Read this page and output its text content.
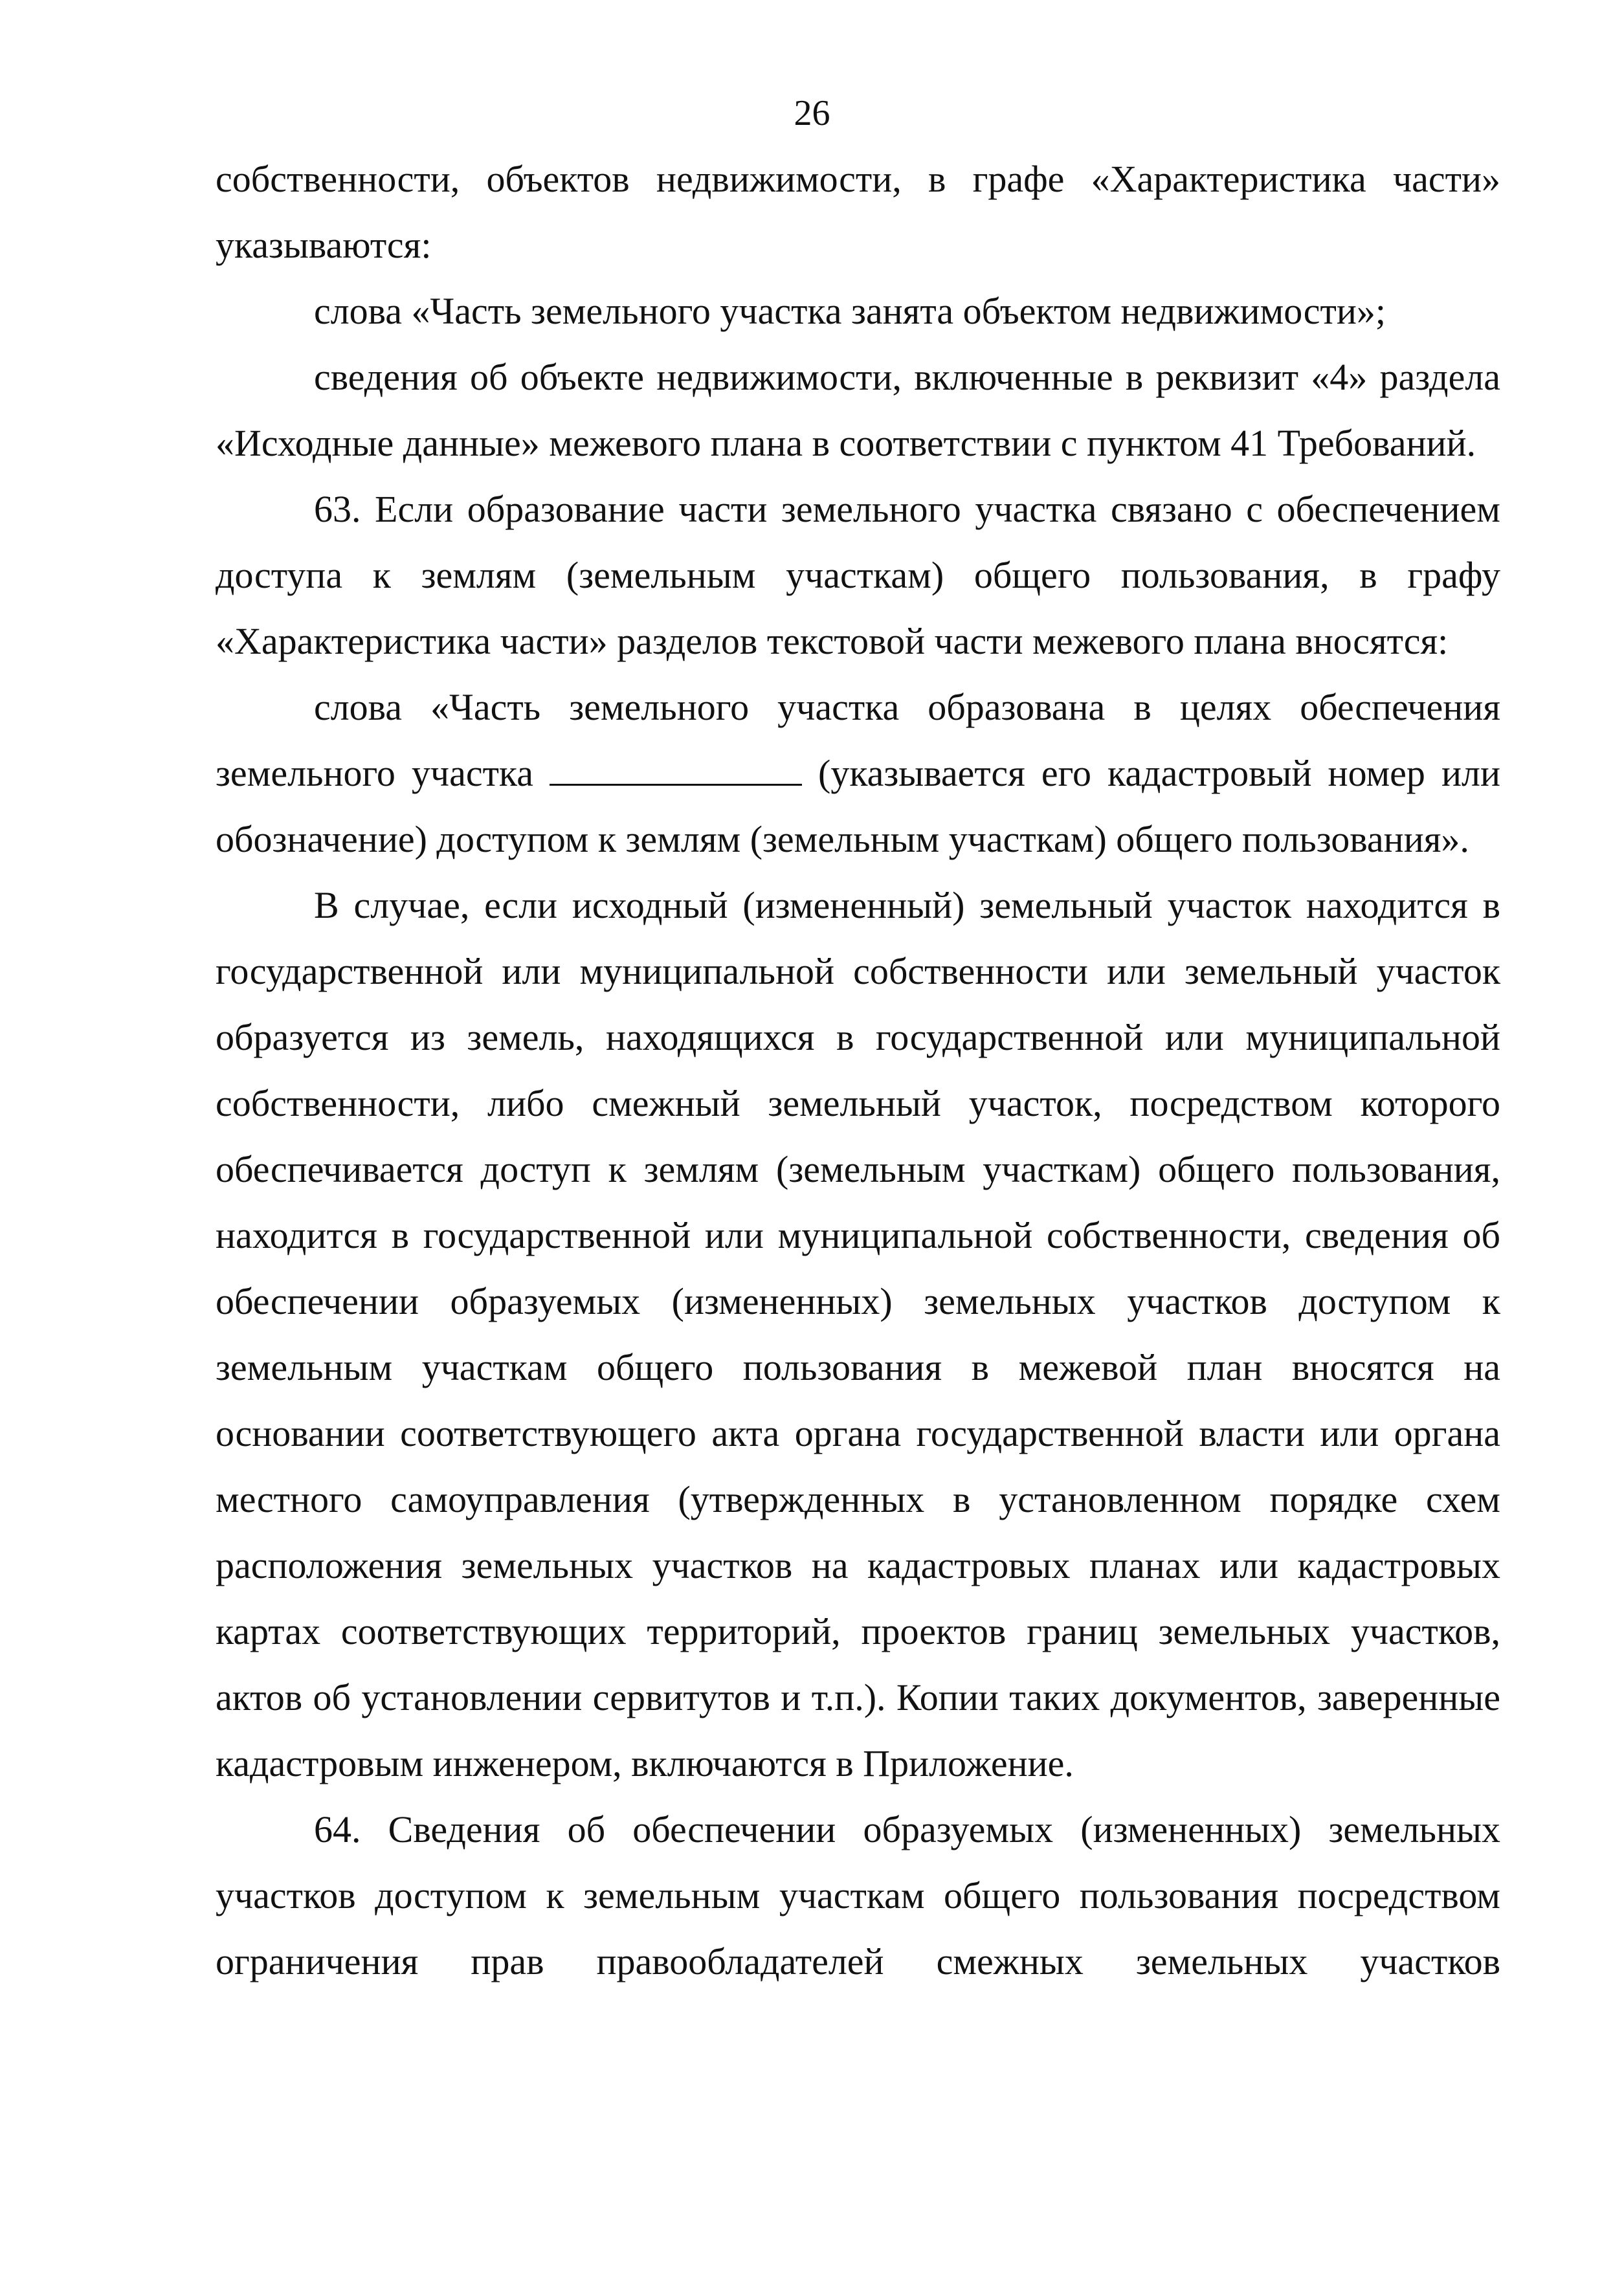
26

собственности, объектов недвижимости, в графе «Характеристика части» указываются:

слова «Часть земельного участка занята объектом недвижимости»;

сведения об объекте недвижимости, включенные в реквизит «4» раздела «Исходные данные» межевого плана в соответствии с пунктом 41 Требований.

63. Если образование части земельного участка связано с обеспечением доступа к землям (земельным участкам) общего пользования, в графу «Характеристика части» разделов текстовой части межевого плана вносятся:

слова «Часть земельного участка образована в целях обеспечения земельного участка	(указывается его кадастровый номер или обозначение) доступом к землям (земельным участкам) общего пользования».

В случае, если исходный (измененный) земельный участок находится в государственной или муниципальной собственности или земельный участок образуется из земель, находящихся в государственной или муниципальной собственности, либо смежный земельный участок, посредством которого обеспечивается доступ к землям (земельным участкам) общего пользования, находится в государственной или муниципальной собственности, сведения об обеспечении образуемых (измененных) земельных участков доступом к земельным участкам общего пользования в межевой план вносятся на основании соответствующего акта органа государственной власти или органа местного самоуправления (утвержденных в установленном порядке схем расположения земельных участков на кадастровых планах или кадастровых картах соответствующих территорий, проектов границ земельных участков, актов об установлении сервитутов и т.п.). Копии таких документов, заверенные кадастровым инженером, включаются в Приложение.

64. Сведения об обеспечении образуемых (измененных) земельных участков доступом к земельным участкам общего пользования посредством ограничения прав правообладателей смежных земельных участков
